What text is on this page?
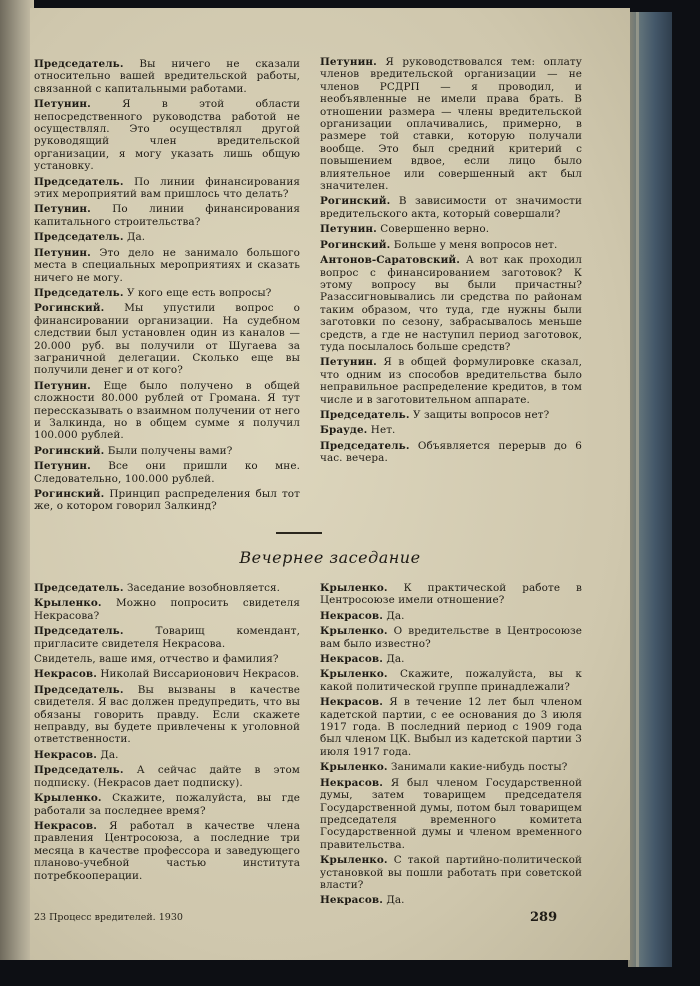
Председатель. Вы ничего не сказали относительно вашей вредительской работы, связанной с капитальными работами.

Петунин.	Я в этой области непосредственного руководства работой не осуществлял. Это осуществлял другой руководящий член вредительской организации, я могу указать лишь общую установку.

Председатель. По линии финансирования этих мероприятий вам пришлось что делать?

Петунин. По линии финансирования капитального строительства?

Председатель. Да.

Петунин. Это дело не занимало большого места в специальных мероприятиях и сказать ничего не могу.

Председатель. У кого еще есть вопросы?

Рогинский. Мы упустили вопрос о финансировании организации. На судебном следствии был установлен один из каналов — 20.000 руб. вы получили от Шугаева за заграничной делегации. Сколько еще вы получили денег и от кого?

Петунин. Еще было получено в общей сложности 80.000 рублей от Громана. Я тут перессказывать о взаимном получении от него и Залкинда, но в общем сумме я получил 100.000 рублей.

Рогинский. Были получены вами?

Петунин. Все они пришли ко мне. Следовательно, 100.000 рублей.

Рогинский. Принцип распределения был тот же, о котором говорил Залкинд?

Петунин. Я руководствовался тем: оплату членов вредительской организации — не членов РСДРП — я проводил, и необъявленные не имели права брать. В отношении размера — члены вредительской организации оплачивались, примерно, в размере той ставки, которую получали вообще. Это был средний критерий с повышением вдвое, если лицо было влиятельное или совершенный акт был значителен.

Рогинский. В зависимости от значимости вредительского акта, который совершали?

Петунин. Совершенно верно.

Рогинский. Больше у меня вопросов нет.

Антонов-Саратовский. А вот как проходил вопрос с финансированием заготовок? К этому вопросу вы были причастны? Разассигновывались ли средства по районам таким образом, что туда, где нужны были заготовки по сезону, забрасывалось меньше средств, а где не наступил период заготовок, туда посылалось больше средств?

Петунин. Я в общей формулировке сказал, что одним из способов вредительства было неправильное распределение кредитов, в том числе и в заготовительном аппарате.

Председатель. У защиты вопросов нет?

Брауде. Нет.

Председатель. Объявляется перерыв до 6 час. вечера.

Вечернее заседание

Председатель. Заседание возобновляется.

Крыленко. Можно попросить свидетеля Некрасова?

Председатель.	Товарищ комендант, пригласите свидетеля Некрасова.

Свидетель, ваше имя, отчество и фамилия?

Некрасов. Николай Виссарионович Некрасов.

Председатель. Вы вызваны в качестве свидетеля. Я вас должен предупредить, что вы обязаны говорить правду. Если скажете неправду, вы будете привлечены к уголовной ответственности.

Некрасов. Да.

Председатель. А сейчас дайте в этом подписку. (Некрасов дает подписку).

Крыленко. Скажите, пожалуйста, вы где работали за последнее время?

Некрасов. Я работал в качестве члена правления Центросоюза, а последние три месяца в качестве профессора и заведующего планово-учебной частью института потребкооперации.

Крыленко. К практической работе в Центросоюзе имели отношение?

Некрасов. Да.

Крыленко. О вредительстве в Центросоюзе вам было известно?

Некрасов. Да.

Крыленко. Скажите, пожалуйста, вы к какой политической группе принадлежали?

Некрасов. Я в течение 12 лет был членом кадетской партии, с ее основания до 3 июля 1917 года. В последний период с 1909 года был членом ЦК. Выбыл из кадетской партии 3 июля 1917 года.

Крыленко. Занимали какие-нибудь посты?

Некрасов. Я был членом Государственной думы, затем товарищем председателя Государственной думы, потом был товарищем председателя временного комитета Государственной думы и членом временного правительства.

Крыленко. С такой партийно-политической установкой вы пошли работать при советской власти?

Некрасов. Да.

23 Процесс вредителей. 1930	289
